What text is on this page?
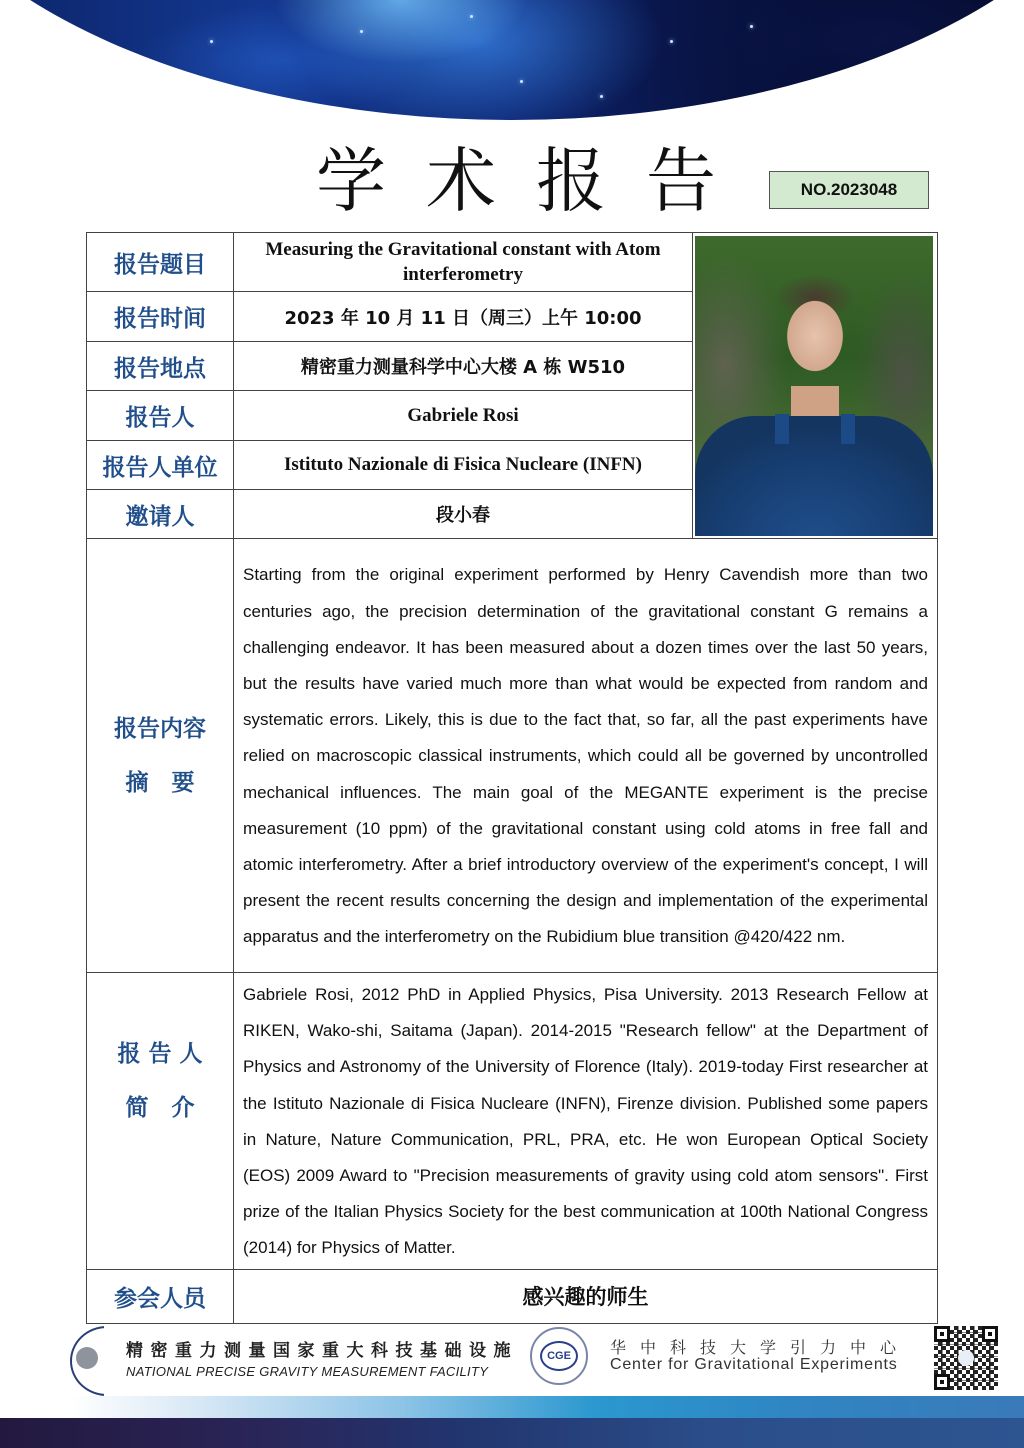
学术报告	NO.2023048
报告题目	Measuring the Gravitational constant with Atom interferometry	

报告时间	2023 年 10 月 11 日（周三）上午 10:00	
报告地点	精密重力测量科学中心大楼 A 栋 W510	
报告人	Gabriele Rosi	
报告人单位	Istituto Nazionale di Fisica Nucleare (INFN)	
邀请人	段小春	

报告内容
摘　要	Starting from the original experiment performed by Henry Cavendish more than two centuries ago, the precision determination of the gravitational constant G remains a challenging endeavor. It has been measured about a dozen times over the last 50 years, but the results have varied much more than what would be expected from random and systematic errors. Likely, this is due to the fact that, so far, all the past experiments have relied on macroscopic classical instruments, which could all be governed by uncontrolled mechanical influences. The main goal of the MEGANTE experiment is the precise measurement (10 ppm) of the gravitational constant using cold atoms in free fall and atomic interferometry. After a brief introductory overview of the experiment's concept, I will present the recent results concerning the design and implementation of the experimental apparatus and the interferometry on the Rubidium blue transition @420/422 nm.	

报 告 人
简　介	Gabriele Rosi, 2012 PhD in Applied Physics, Pisa University. 2013 Research Fellow at RIKEN, Wako-shi, Saitama (Japan). 2014-2015 "Research fellow" at the Department of Physics and Astronomy of the University of Florence (Italy). 2019-today First researcher at the Istituto Nazionale di Fisica Nucleare (INFN), Firenze division. Published some papers in Nature, Nature Communication, PRL, PRA, etc. He won European Optical Society (EOS) 2009 Award to "Precision measurements of gravity using cold atom sensors". First prize of the Italian Physics Society for the best communication at 100th National Congress (2014) for Physics of Matter.	
参会人员	感兴趣的师生	
精密重力测量国家重大科技基础设施
NATIONAL PRECISE GRAVITY MEASUREMENT FACILITY
CGE	华中科技大学引力中心
Center for Gravitational Experiments
